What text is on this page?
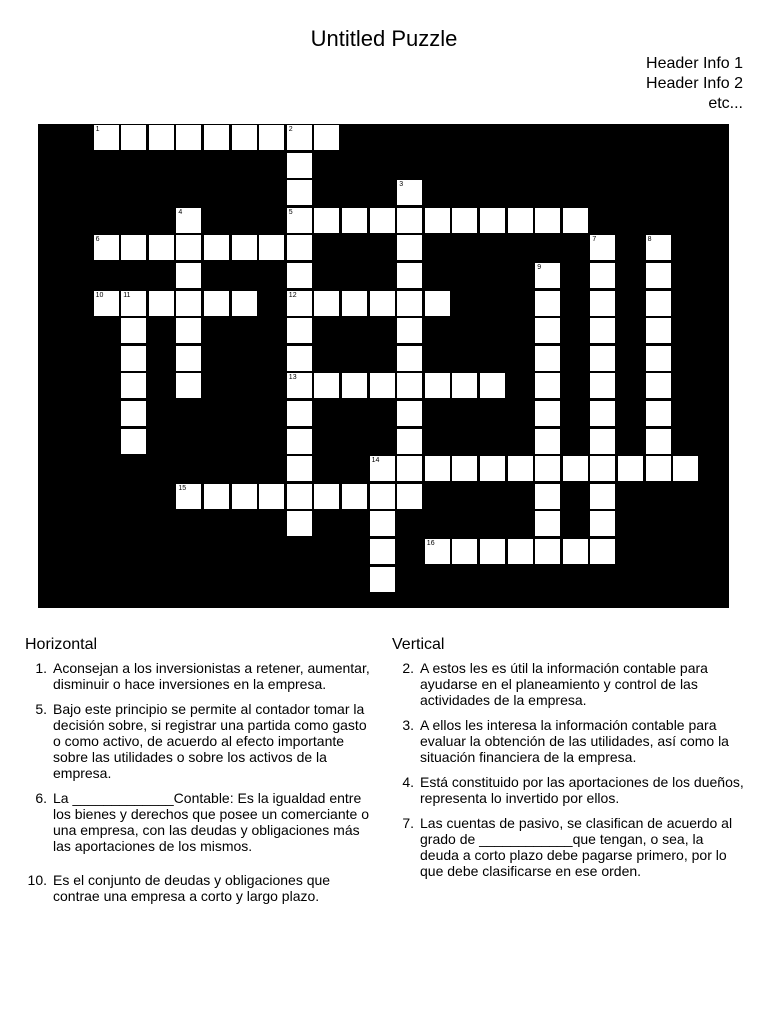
Untitled Puzzle
Header Info 1
Header Info 2
etc...
1	2
5
12
13
3
4
6	7	8
9
10	11
14
15
16
Horizontal
1. Aconsejan a los inversionistas a retener, aumentar, disminuir o hace inversiones en la empresa.
5. Bajo este principio se permite al contador tomar la decisión sobre, si registrar una partida como gasto o como activo, de acuerdo al efecto importante sobre las utilidades o sobre los activos de la empresa.
6. La _____________Contable: Es la igualdad entre los bienes y derechos que posee un comerciante o una empresa, con las deudas y obligaciones más las aportaciones de los mismos.
10. Es el conjunto de deudas y obligaciones que contrae una empresa a corto y largo plazo.
Vertical
2. A estos les es útil la información contable para ayudarse en el planeamiento y control de las actividades de la empresa.
3. A ellos les interesa la información contable para evaluar la obtención de las utilidades, así como la situación financiera de la empresa.
4. Está constituido por las aportaciones de los dueños, representa lo invertido por ellos.
7. Las cuentas de pasivo, se clasifican de acuerdo al grado de ____________que tengan, o sea, la deuda a corto plazo debe pagarse primero, por lo que debe clasificarse en ese orden.
